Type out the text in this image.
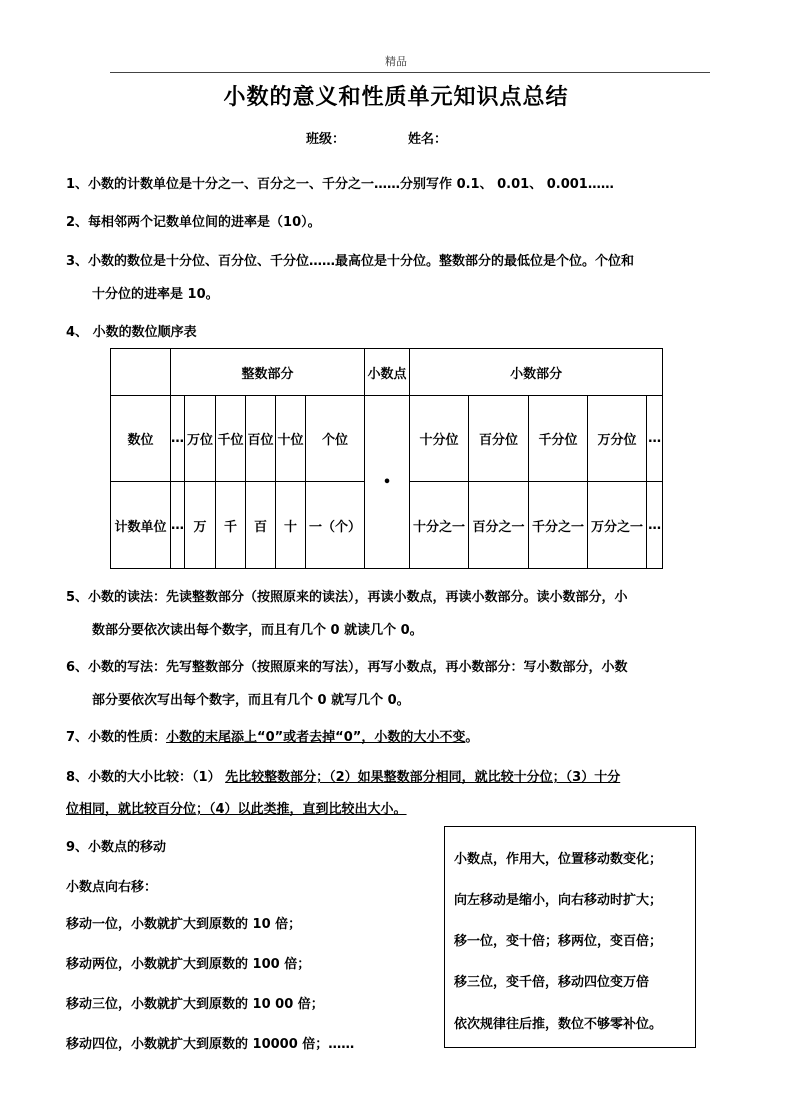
精品
小数的意义和性质单元知识点总结
班级：	姓名：
1、小数的计数单位是十分之一、百分之一、千分之一……分别写作 0.1、 0.01、 0.001……
2、每相邻两个记数单位间的进率是（10）。
3、小数的数位是十分位、百分位、千分位……最高位是十分位。整数部分的最低位是个位。个位和
十分位的进率是 10。
4、 小数的数位顺序表
	整数部分						小数点	小数部分				
数位	…	万位	千位	百位	十位	个位	•	十分位	百分位	千分位	万分位	…
计数单位	…	万	千	百	十	一（个）		十分之一	百分之一	千分之一	万分之一	…
5、小数的读法：先读整数部分（按照原来的读法），再读小数点，再读小数部分。读小数部分，小
数部分要依次读出每个数字，而且有几个 0 就读几个 0。
6、小数的写法：先写整数部分（按照原来的写法），再写小数点，再小数部分：写小数部分，小数
部分要依次写出每个数字，而且有几个 0 就写几个 0。
7、小数的性质：小数的末尾添上“0”或者去掉“0”，小数的大小不变。
8、小数的大小比较：（1） 先比较整数部分；（2）如果整数部分相同，就比较十分位；（3）十分
位相同，就比较百分位；（4）以此类推，直到比较出大小。
9、小数点的移动
小数点向右移：
移动一位，小数就扩大到原数的 10 倍；
移动两位，小数就扩大到原数的 100 倍；
移动三位，小数就扩大到原数的 10 00 倍；
移动四位，小数就扩大到原数的 10000 倍；……
小数点，作用大，位置移动数变化；
向左移动是缩小，向右移动时扩大；
移一位，变十倍；移两位，变百倍；
移三位，变千倍，移动四位变万倍
依次规律往后推，数位不够零补位。
